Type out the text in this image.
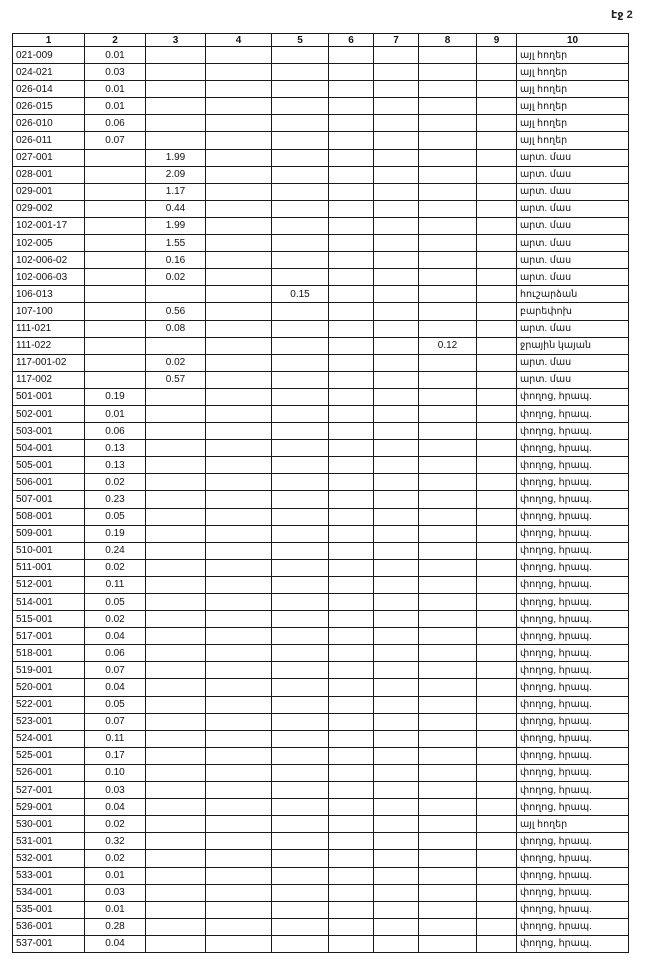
էջ 2
1	2	3	4	5	6	7	8	9	10
021-009	0.01								այլ հողեր
024-021	0.03								այլ հողեր
026-014	0.01								այլ հողեր
026-015	0.01								այլ հողեր
026-010	0.06								այլ հողեր
026-011	0.07								այլ հողեր
027-001		1.99							արտ. մաս
028-001		2.09							արտ. մաս
029-001		1.17							արտ. մաս
029-002		0.44							արտ. մաս
102-001-17		1.99							արտ. մաս
102-005		1.55							արտ. մաս
102-006-02		0.16							արտ. մաս
102-006-03		0.02							արտ. մաս
106-013				0.15					հուշարձան
107-100		0.56							բարեփոխ
111-021		0.08							արտ. մաս
111-022							0.12		ջրային կայան
117-001-02		0.02							արտ. մաս
117-002		0.57							արտ. մաս
501-001	0.19								փողոց, հրապ.
502-001	0.01								փողոց, հրապ.
503-001	0.06								փողոց, հրապ.
504-001	0.13								փողոց, հրապ.
505-001	0.13								փողոց, հրապ.
506-001	0.02								փողոց, հրապ.
507-001	0.23								փողոց, հրապ.
508-001	0.05								փողոց, հրապ.
509-001	0.19								փողոց, հրապ.
510-001	0.24								փողոց, հրապ.
511-001	0.02								փողոց, հրապ.
512-001	0.11								փողոց, հրապ.
514-001	0.05								փողոց, հրապ.
515-001	0.02								փողոց, հրապ.
517-001	0.04								փողոց, հրապ.
518-001	0.06								փողոց, հրապ.
519-001	0.07								փողոց, հրապ.
520-001	0.04								փողոց, հրապ.
522-001	0.05								փողոց, հրապ.
523-001	0.07								փողոց, հրապ.
524-001	0.11								փողոց, հրապ.
525-001	0.17								փողոց, հրապ.
526-001	0.10								փողոց, հրապ.
527-001	0.03								փողոց, հրապ.
529-001	0.04								փողոց, հրապ.
530-001	0.02								այլ հողեր
531-001	0.32								փողոց, հրապ.
532-001	0.02								փողոց, հրապ.
533-001	0.01								փողոց, հրապ.
534-001	0.03								փողոց, հրապ.
535-001	0.01								փողոց, հրապ.
536-001	0.28								փողոց, հրապ.
537-001	0.04								փողոց, հրապ.
